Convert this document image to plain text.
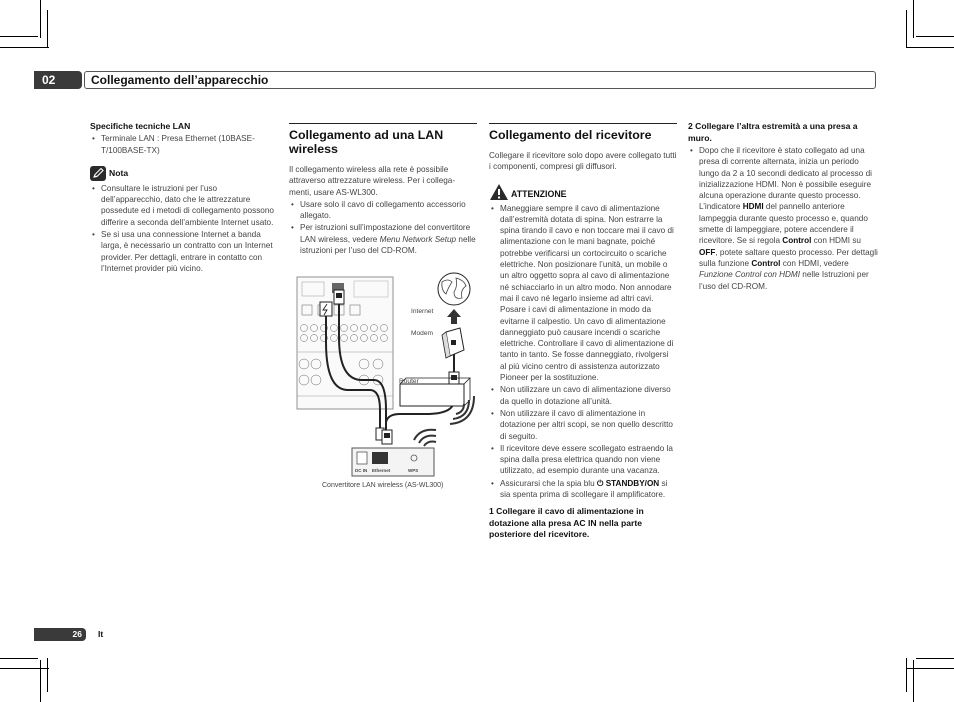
02	Collegamento dell’apparecchio

Specifiche tecniche LAN

• Terminale LAN : Presa Ethernet (10BASE-T/100BASE-TX)
Nota
• Consultare le istruzioni per l’uso dell’apparecchio, dato che le attrezzature possedute ed i metodi di collegamento possono differire a seconda dell’ambiente Internet usato.
• Se si usa una connessione Internet a banda larga, è necessario un contratto con un Internet provider. Per dettagli, entrare in contatto con l’Internet provider più vicino.
Collegamento ad una LAN wireless

Il collegamento wireless alla rete è possibile attraverso attrezzature wireless. Per i collega-menti, usare AS-WL300.

• Usare solo il cavo di collegamento accessorio allegato.
• Per istruzioni sull’impostazione del convertitore LAN wireless, vedere Menu Network Setup nelle istruzioni per l’uso del CD-ROM.
Internet
Modem
Router
DC IN Ethernet	WPS
Convertitore LAN wireless (AS-WL300)
Collegamento del ricevitore

Collegare il ricevitore solo dopo avere collegato tutti i componenti, compresi gli diffusori.

ATTENZIONE
• Maneggiare sempre il cavo di alimentazione dall’estremità dotata di spina. Non estrarre la spina tirando il cavo e non toccare mai il cavo di alimentazione con le mani bagnate, poiché potrebbe verificarsi un cortocircuito o scariche elettriche. Non posizionare l’unità, un mobile o un altro oggetto sopra al cavo di alimentazione né schiacciarlo in un altro modo. Non annodare mai il cavo né legarlo insieme ad altri cavi. Posare i cavi di alimentazione in modo da evitarne il calpestio. Un cavo di alimentazione danneggiato può causare incendi o scariche elettriche. Controllare il cavo di alimentazione di tanto in tanto. Se fosse danneggiato, rivolgersi al più vicino centro di assistenza autorizzato Pioneer per la sostituzione.
• Non utilizzare un cavo di alimentazione diverso da quello in dotazione all’unità.
• Non utilizzare il cavo di alimentazione in dotazione per altri scopi, se non quello descritto di seguito.
• Il ricevitore deve essere scollegato estraendo la spina dalla presa elettrica quando non viene utilizzato, ad esempio durante una vacanza.
• Assicurarsi che la spia blu ⏻ STANDBY/ON si sia spenta prima di scollegare il amplificatore.

1 Collegare il cavo di alimentazione in dotazione alla presa AC IN nella parte posteriore del ricevitore.

2 Collegare l’altra estremità a una presa a muro.

• Dopo che il ricevitore è stato collegato ad una presa di corrente alternata, inizia un periodo lungo da 2 a 10 secondi dedicato al processo di inizializzazione HDMI. Non è possibile eseguire alcuna operazione durante questo processo. L’indicatore HDMI del pannello anteriore lampeggia durante questo processo e, quando smette di lampeggiare, potere accendere il ricevitore. Se si regola Control con HDMI su OFF, potete saltare questo processo. Per dettagli sulla funzione Control con HDMI, vedere Funzione Control con HDMI nelle Istruzioni per l’uso del CD-ROM.
26	It
